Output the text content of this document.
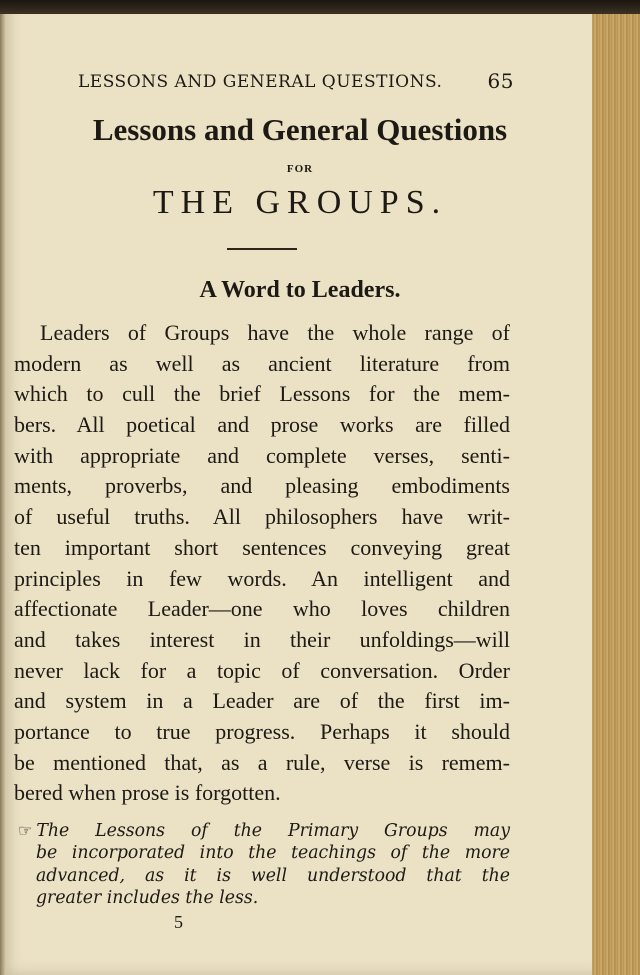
LESSONS AND GENERAL QUESTIONS. 65
Lessons and General Questions
FOR
THE GROUPS.
A Word to Leaders.
Leaders of Groups have the whole range of
modern as well as ancient literature from
which to cull the brief Lessons for the mem-
bers. All poetical and prose works are filled
with appropriate and complete verses, senti-
ments, proverbs, and pleasing embodiments
of useful truths. All philosophers have writ-
ten important short sentences conveying great
principles in few words. An intelligent and
affectionate Leader—one who loves children
and takes interest in their unfoldings—will
never lack for a topic of conversation. Order
and system in a Leader are of the first im-
portance to true progress. Perhaps it should
be mentioned that, as a rule, verse is remem-
bered when prose is forgotten.
☞ The Lessons of the Primary Groups may
be incorporated into the teachings of the more
advanced, as it is well understood that the
greater includes the less.
5
